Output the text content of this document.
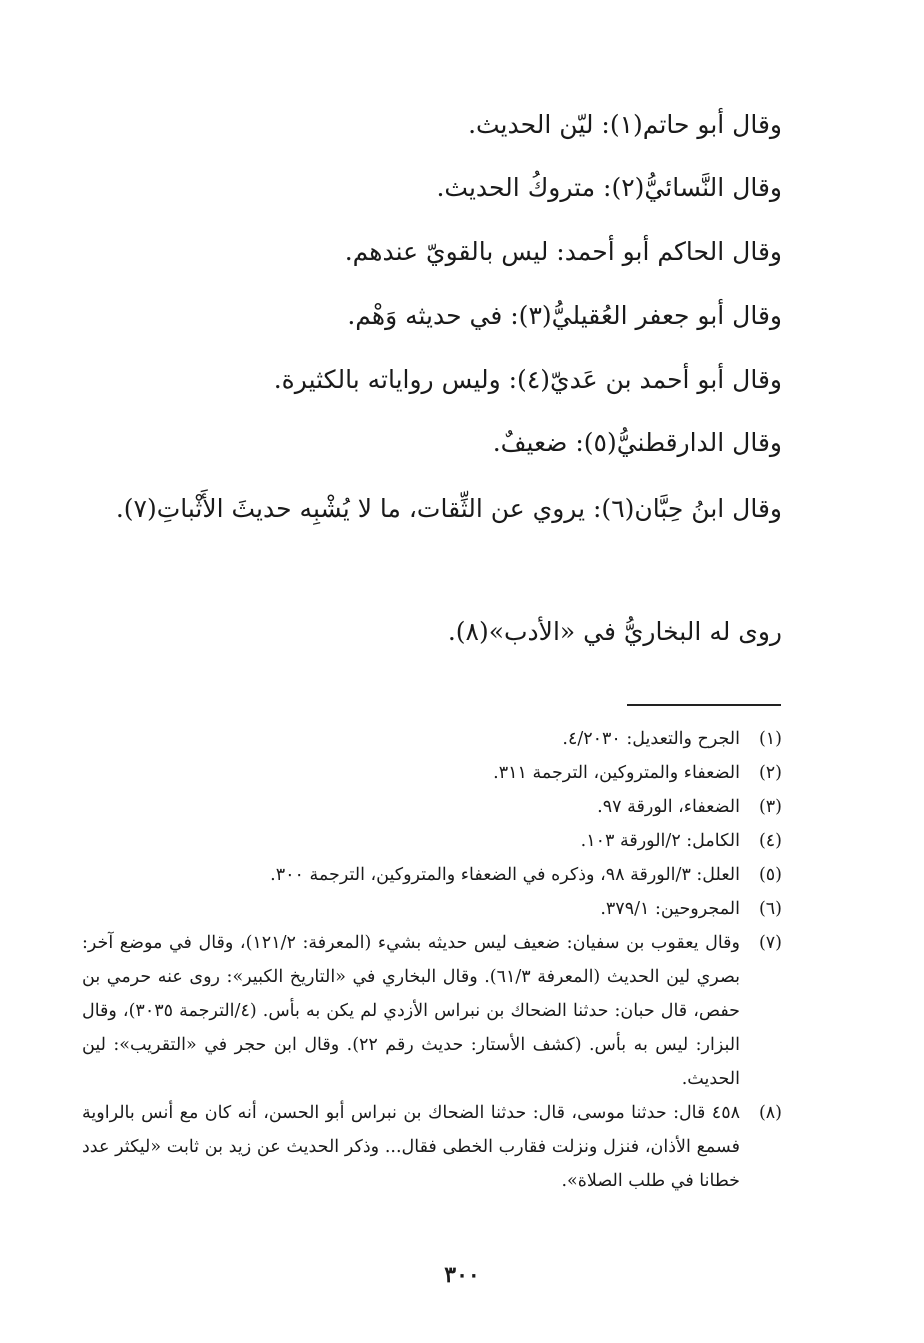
وقال أبو حاتم(١): ليّن الحديث.
وقال النَّسائيُّ(٢): متروكُ الحديث.
وقال الحاكم أبو أحمد: ليس بالقويّ عندهم.
وقال أبو جعفر العُقيليُّ(٣): في حديثه وَهْم.
وقال أبو أحمد بن عَديّ(٤): وليس رواياته بالكثيرة.
وقال الدارقطنيُّ(٥): ضعيفٌ.
وقال ابنُ حِبَّان(٦): يروي عن الثِّقات، ما لا يُشْبِه حديثَ الأَثْباتِ(٧).
روى له البخاريُّ في «الأدب»(٨).
(١)
الجرح والتعديل: ٤/٢٠٣٠.
(٢)
الضعفاء والمتروكين، الترجمة ٣١١.
(٣)
الضعفاء، الورقة ٩٧.
(٤)
الكامل: ٢/الورقة ١٠٣.
(٥)
العلل: ٣/الورقة ٩٨، وذكره في الضعفاء والمتروكين، الترجمة ٣٠٠.
(٦)
المجروحين: ٣٧٩/١.
(٧)
وقال يعقوب بن سفيان: ضعيف ليس حديثه بشيء (المعرفة: ١٢١/٢)، وقال في موضع آخر: بصري لين الحديث (المعرفة ٦١/٣). وقال البخاري في «التاريخ الكبير»: روى عنه حرمي بن حفص، قال حبان: حدثنا الضحاك بن نبراس الأزدي لم يكن به بأس. (٤/الترجمة ٣٠٣٥)، وقال البزار: ليس به بأس. (كشف الأستار: حديث رقم ٢٢). وقال ابن حجر في «التقريب»: لين الحديث.
(٨)
٤٥٨ قال: حدثنا موسى، قال: حدثنا الضحاك بن نبراس أبو الحسن، أنه كان مع أنس بالراوية فسمع الأذان، فنزل ونزلت فقارب الخطى فقال... وذكر الحديث عن زيد بن ثابت «ليكثر عدد خطانا في طلب الصلاة».
٣٠٠
